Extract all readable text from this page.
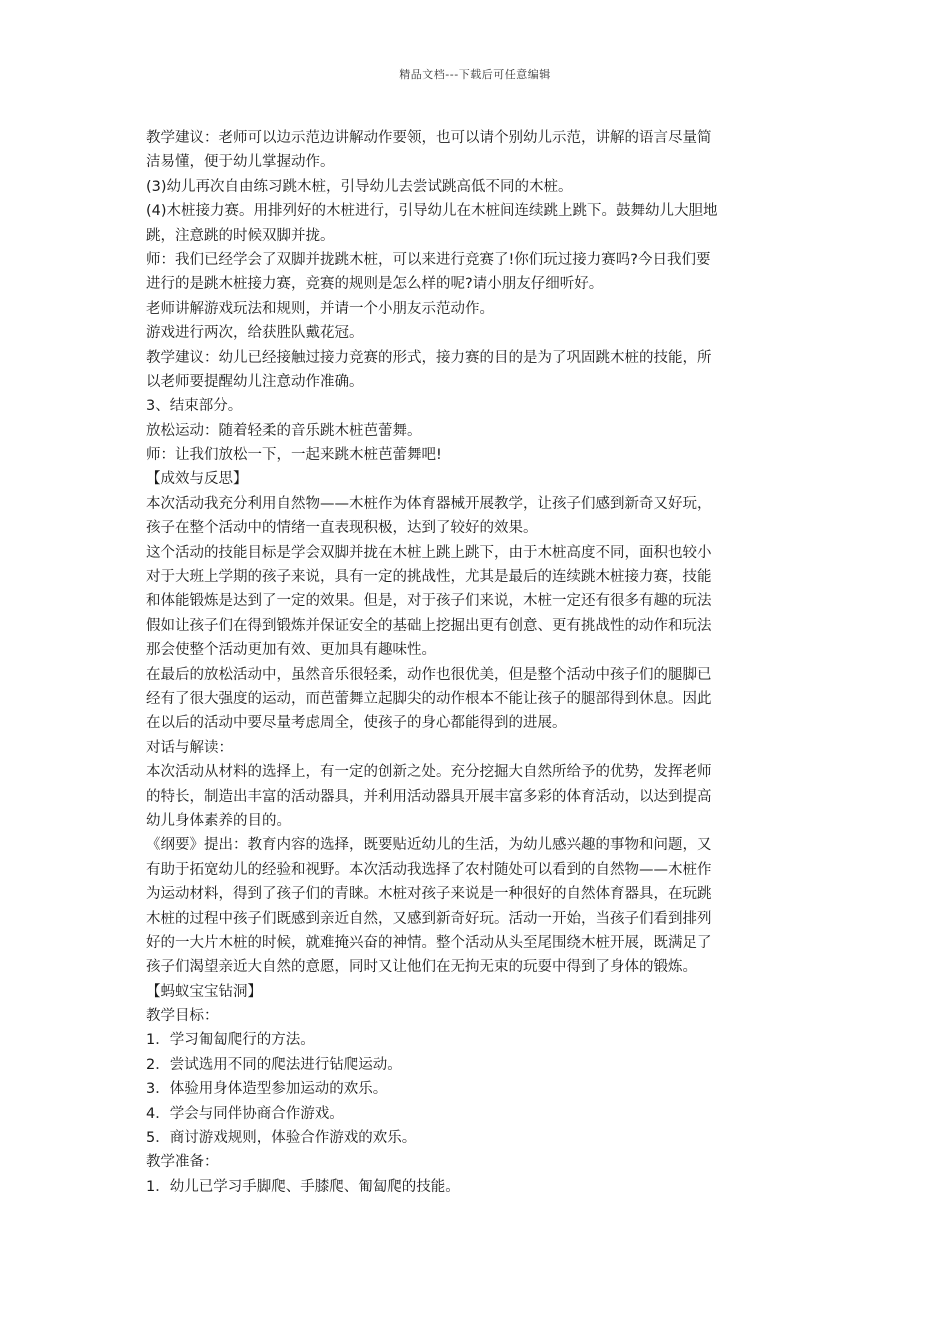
精品文档---下载后可任意编辑
教学建议：老师可以边示范边讲解动作要领，也可以请个别幼儿示范，讲解的语言尽量简
洁易懂，便于幼儿掌握动作。
(3)幼儿再次自由练习跳木桩，引导幼儿去尝试跳高低不同的木桩。
(4)木桩接力赛。用排列好的木桩进行，引导幼儿在木桩间连续跳上跳下。鼓舞幼儿大胆地
跳，注意跳的时候双脚并拢。
师：我们已经学会了双脚并拢跳木桩，可以来进行竞赛了!你们玩过接力赛吗?今日我们要
进行的是跳木桩接力赛，竞赛的规则是怎么样的呢?请小朋友仔细听好。
老师讲解游戏玩法和规则，并请一个小朋友示范动作。
游戏进行两次，给获胜队戴花冠。
教学建议：幼儿已经接触过接力竞赛的形式，接力赛的目的是为了巩固跳木桩的技能，所
以老师要提醒幼儿注意动作准确。
3、结束部分。
放松运动：随着轻柔的音乐跳木桩芭蕾舞。
师：让我们放松一下，一起来跳木桩芭蕾舞吧!
【成效与反思】
本次活动我充分利用自然物——木桩作为体育器械开展教学，让孩子们感到新奇又好玩，
孩子在整个活动中的情绪一直表现积极，达到了较好的效果。
这个活动的技能目标是学会双脚并拢在木桩上跳上跳下，由于木桩高度不同，面积也较小
对于大班上学期的孩子来说，具有一定的挑战性，尤其是最后的连续跳木桩接力赛，技能
和体能锻炼是达到了一定的效果。但是，对于孩子们来说，木桩一定还有很多有趣的玩法
假如让孩子们在得到锻炼并保证安全的基础上挖掘出更有创意、更有挑战性的动作和玩法
那会使整个活动更加有效、更加具有趣味性。
在最后的放松活动中，虽然音乐很轻柔，动作也很优美，但是整个活动中孩子们的腿脚已
经有了很大强度的运动，而芭蕾舞立起脚尖的动作根本不能让孩子的腿部得到休息。因此
在以后的活动中要尽量考虑周全，使孩子的身心都能得到的进展。
对话与解读：
本次活动从材料的选择上，有一定的创新之处。充分挖掘大自然所给予的优势，发挥老师
的特长，制造出丰富的活动器具，并利用活动器具开展丰富多彩的体育活动，以达到提高
幼儿身体素养的目的。
《纲要》提出：教育内容的选择，既要贴近幼儿的生活，为幼儿感兴趣的事物和问题，又
有助于拓宽幼儿的经验和视野。本次活动我选择了农村随处可以看到的自然物——木桩作
为运动材料，得到了孩子们的青睐。木桩对孩子来说是一种很好的自然体育器具，在玩跳
木桩的过程中孩子们既感到亲近自然，又感到新奇好玩。活动一开始，当孩子们看到排列
好的一大片木桩的时候，就难掩兴奋的神情。整个活动从头至尾围绕木桩开展，既满足了
孩子们渴望亲近大自然的意愿，同时又让他们在无拘无束的玩耍中得到了身体的锻炼。
【蚂蚁宝宝钻洞】
教学目标：
1．学习匍匐爬行的方法。
2．尝试选用不同的爬法进行钻爬运动。
3．体验用身体造型参加运动的欢乐。
4．学会与同伴协商合作游戏。
5．商讨游戏规则，体验合作游戏的欢乐。
教学准备：
1．幼儿已学习手脚爬、手膝爬、匍匐爬的技能。
